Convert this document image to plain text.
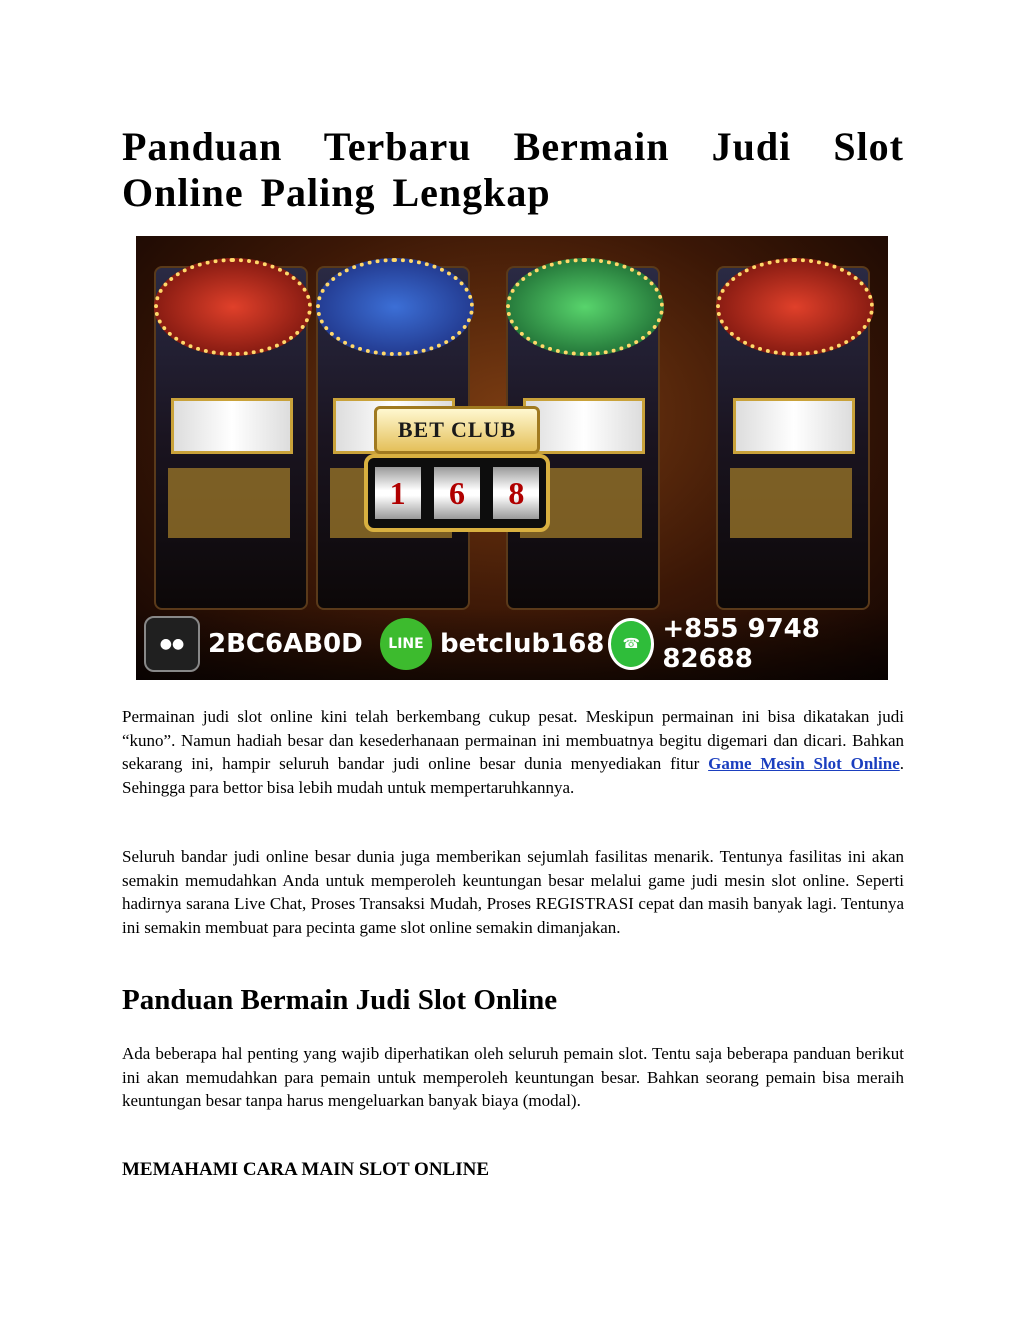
Panduan Terbaru Bermain Judi Slot Online Paling Lengkap
BET CLUB
1	6	8
●● 2BC6AB0D	LINE betclub168	☎ +855 9748 82688

Permainan judi slot online kini telah berkembang cukup pesat. Meskipun permainan ini bisa dikatakan judi “kuno”. Namun hadiah besar dan kesederhanaan permainan ini membuatnya begitu digemari dan dicari. Bahkan sekarang ini, hampir seluruh bandar judi online besar dunia menyediakan fitur Game Mesin Slot Online. Sehingga para bettor bisa lebih mudah untuk mempertaruhkannya.

Seluruh bandar judi online besar dunia juga memberikan sejumlah fasilitas menarik. Tentunya fasilitas ini akan semakin memudahkan Anda untuk memperoleh keuntungan besar melalui game judi mesin slot online. Seperti hadirnya sarana Live Chat, Proses Transaksi Mudah, Proses REGISTRASI cepat dan masih banyak lagi. Tentunya ini semakin membuat para pecinta game slot online semakin dimanjakan.

Panduan Bermain Judi Slot Online

Ada beberapa hal penting yang wajib diperhatikan oleh seluruh pemain slot. Tentu saja beberapa panduan berikut ini akan memudahkan para pemain untuk memperoleh keuntungan besar. Bahkan seorang pemain bisa meraih keuntungan besar tanpa harus mengeluarkan banyak biaya (modal).

MEMAHAMI CARA MAIN SLOT ONLINE
